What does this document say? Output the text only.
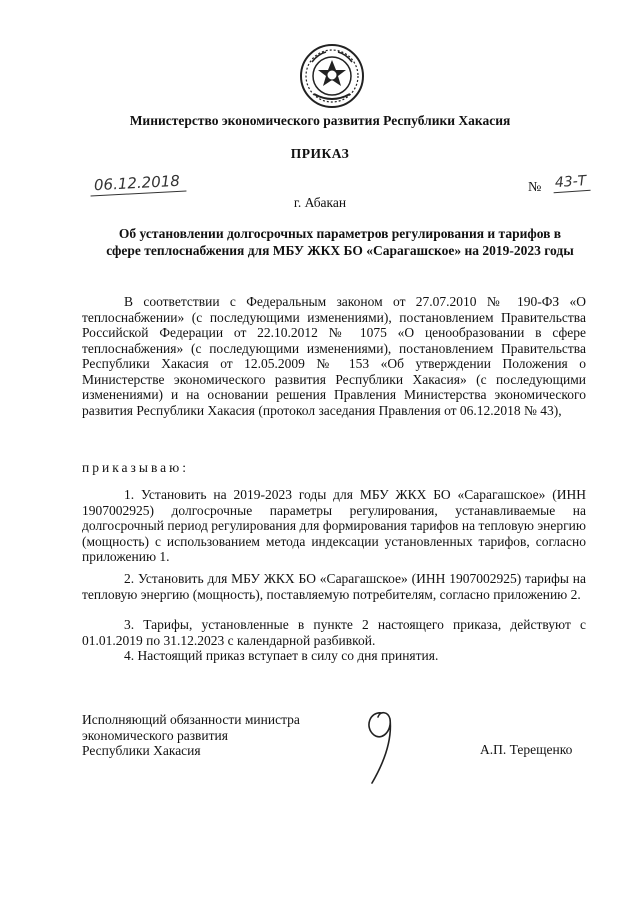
Министерство экономического развития Республики Хакасия
ПРИКАЗ
06.12.2018	№ 43-Т
г. Абакан
Об установлении долгосрочных параметров регулирования и тарифов в сфере теплоснабжения для МБУ ЖКХ БО «Сарагашское» на 2019-2023 годы
В соответствии с Федеральным законом от 27.07.2010 № 190-ФЗ «О теплоснабжении» (с последующими изменениями), постановлением Правительства Российской Федерации от 22.10.2012 № 1075 «О ценообразовании в сфере теплоснабжения» (с последующими изменениями), постановлением Правительства Республики Хакасия от 12.05.2009 № 153 «Об утверждении Положения о Министерстве экономического развития Республики Хакасия» (с последующими изменениями) и на основании решения Правления Министерства экономического развития Республики Хакасия (протокол заседания Правления от 06.12.2018 № 43),
приказываю:
1. Установить на 2019-2023 годы для МБУ ЖКХ БО «Сарагашское» (ИНН 1907002925) долгосрочные параметры регулирования, устанавливаемые на долгосрочный период регулирования для формирования тарифов на тепловую энергию (мощность) с использованием метода индексации установленных тарифов, согласно приложению 1.
2. Установить для МБУ ЖКХ БО «Сарагашское» (ИНН 1907002925) тарифы на тепловую энергию (мощность), поставляемую потребителям, согласно приложению 2.
3. Тарифы, установленные в пункте 2 настоящего приказа, действуют с 01.01.2019 по 31.12.2023 с календарной разбивкой.
4. Настоящий приказ вступает в силу со дня принятия.
Исполняющий обязанности министра
экономического развития
Республики Хакасия	А.П. Терещенко
